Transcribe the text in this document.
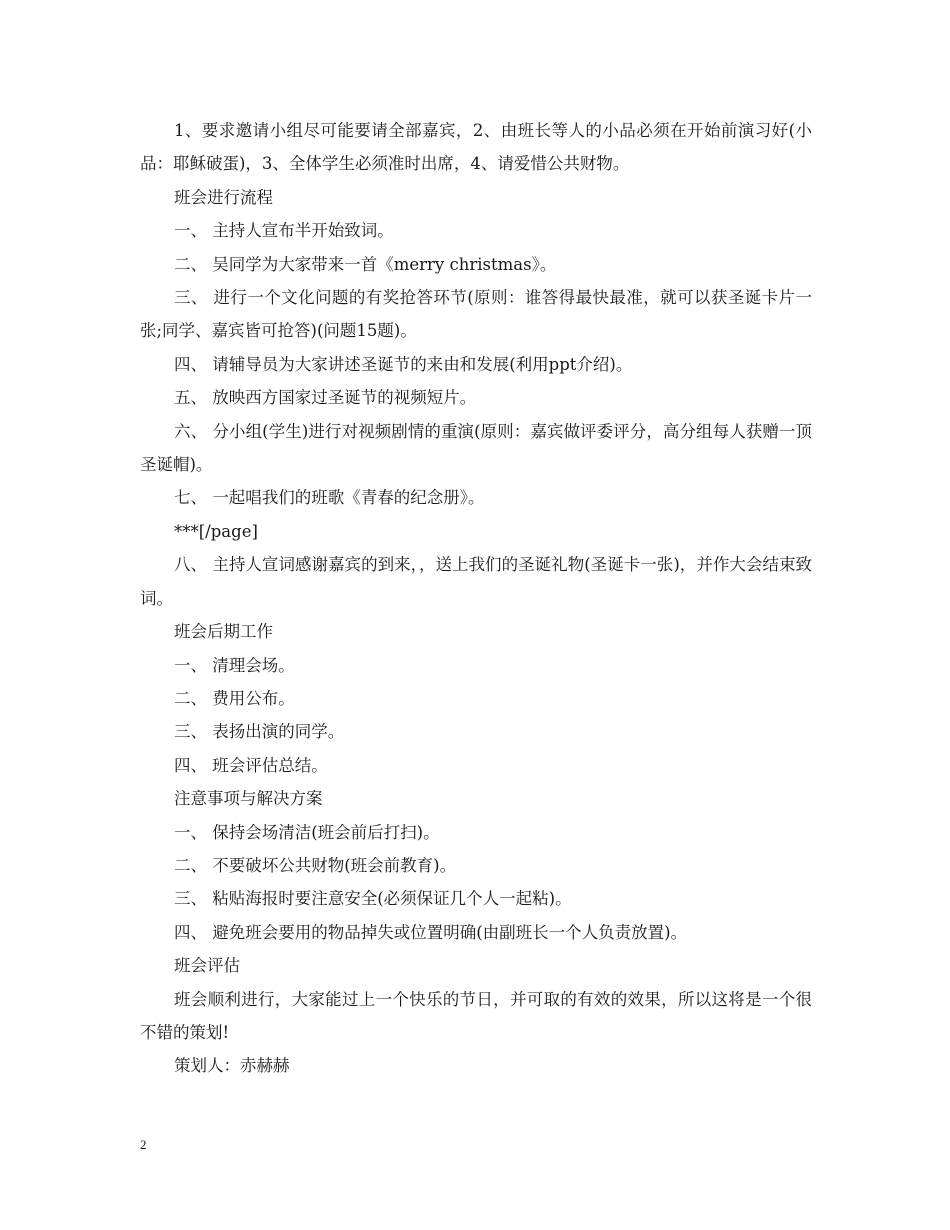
1、要求邀请小组尽可能要请全部嘉宾，2、由班长等人的小品必须在开始前演习好(小品：耶稣破蛋)，3、全体学生必须准时出席，4、请爱惜公共财物。

班会进行流程

一、 主持人宣布半开始致词。

二、 吴同学为大家带来一首《merry christmas》。

三、 进行一个文化问题的有奖抢答环节(原则：谁答得最快最准，就可以获圣诞卡片一张;同学、嘉宾皆可抢答)(问题15题)。

四、 请辅导员为大家讲述圣诞节的来由和发展(利用ppt介绍)。

五、 放映西方国家过圣诞节的视频短片。

六、 分小组(学生)进行对视频剧情的重演(原则：嘉宾做评委评分，高分组每人获赠一顶圣诞帽)。

七、 一起唱我们的班歌《青春的纪念册》。

***[/page]

八、 主持人宣词感谢嘉宾的到来，，送上我们的圣诞礼物(圣诞卡一张)，并作大会结束致词。

班会后期工作

一、 清理会场。

二、 费用公布。

三、 表扬出演的同学。

四、 班会评估总结。

注意事项与解决方案

一、 保持会场清洁(班会前后打扫)。

二、 不要破坏公共财物(班会前教育)。

三、 粘贴海报时要注意安全(必须保证几个人一起粘)。

四、 避免班会要用的物品掉失或位置明确(由副班长一个人负责放置)。

班会评估

班会顺利进行，大家能过上一个快乐的节日，并可取的有效的效果，所以这将是一个很不错的策划!

策划人：赤赫赫

2
